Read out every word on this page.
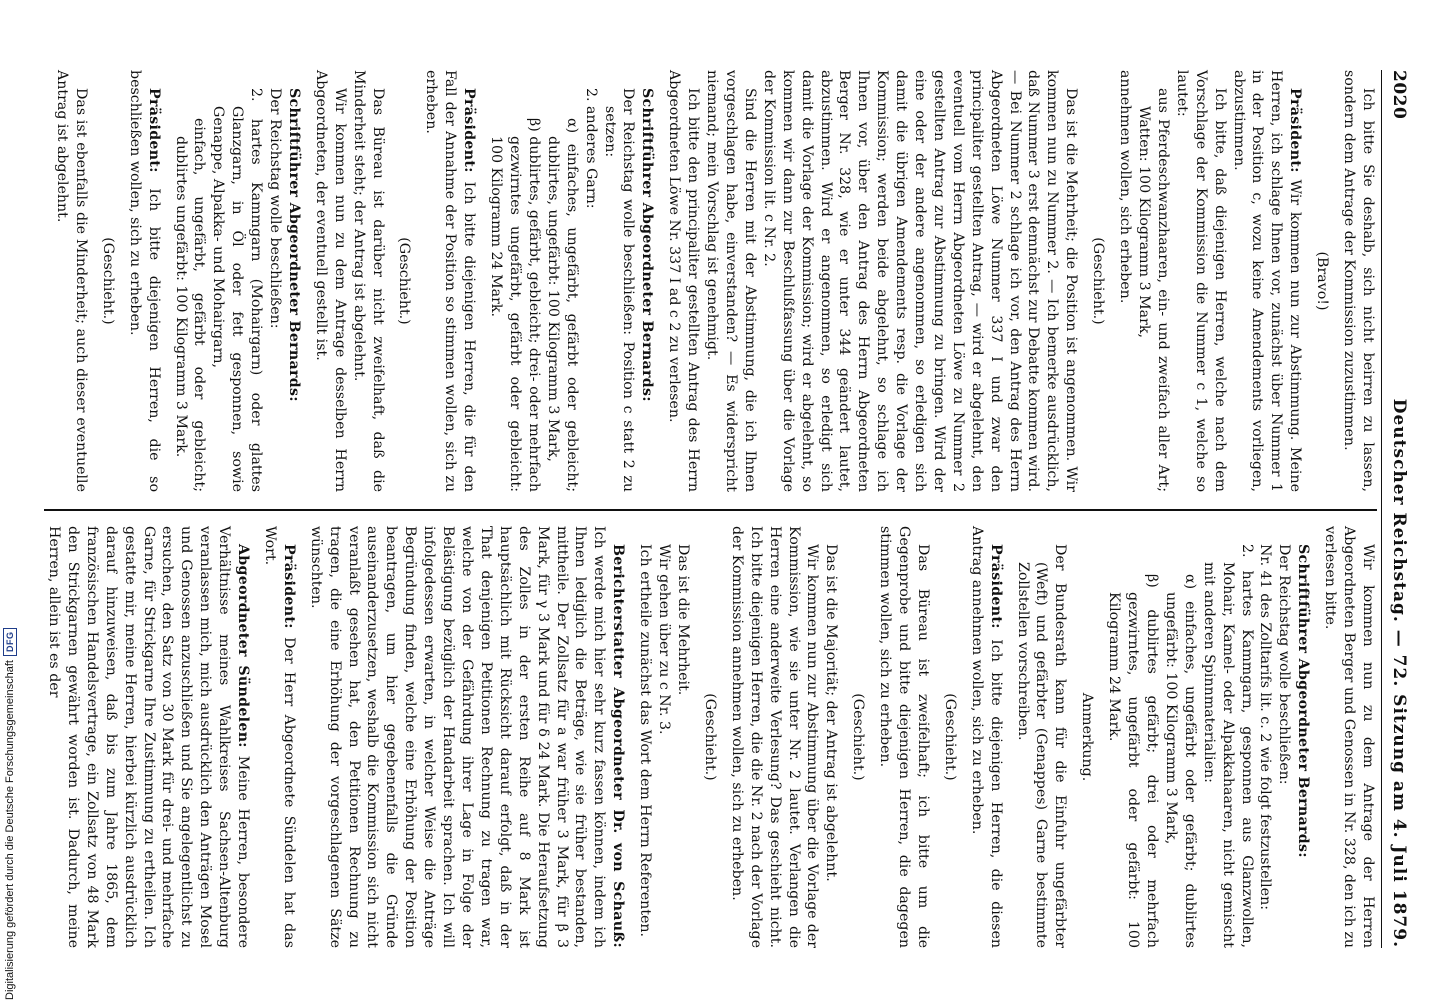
2020
Deutscher Reichstag. — 72. Sitzung am 4. Juli 1879.

Ich bitte Sie deshalb, sich nicht beirren zu lassen, sondern dem Antrage der Kommission zuzustimmen.

(Bravo!)

Präsident: Wir kommen nun zur Abstimmung. Meine Herren, ich schlage Ihnen vor, zunächst über Nummer 1 in der Position c, wozu keine Amendements vorliegen, abzustimmen.

Ich bitte, daß diejenigen Herren, welche nach dem Vorschlage der Kommission die Nummer c 1, welche so lautet:

aus Pferdeschwanzhaaren, ein- und zweifach aller Art; Watten: 100 Kilogramm 3 Mark,

annehmen wollen, sich erheben.

(Geschieht.)

Das ist die Mehrheit; die Position ist angenommen. Wir kommen nun zu Nummer 2. — Ich bemerke ausdrücklich, daß Nummer 3 erst demnächst zur Debatte kommen wird. — Bei Nummer 2 schlage ich vor, den Antrag des Herrn Abgeordneten Löwe Nummer 337 I und zwar den principaliter gestellten Antrag, — wird er abgelehnt, den eventuell vom Herrn Abgeordneten Löwe zu Nummer 2 gestellten Antrag zur Abstimmung zu bringen. Wird der eine oder der andere angenommen, so erledigen sich damit die übrigen Amendements resp. die Vorlage der Kommission; werden beide abgelehnt, so schlage ich Ihnen vor, über den Antrag des Herrn Abgeordneten Berger Nr. 328, wie er unter 344 geändert lautet, abzustimmen. Wird er angenommen, so erledigt sich damit die Vorlage der Kommission; wird er abgelehnt, so kommen wir dann zur Beschlußfassung über die Vorlage der Kommission lit. c Nr. 2.

Sind die Herren mit der Abstimmung, die ich Ihnen vorgeschlagen habe, einverstanden? — Es widerspricht niemand; mein Vorschlag ist genehmigt.

Ich bitte den principaliter gestellten Antrag des Herrn Abgeordneten Löwe Nr. 337 I ad c 2 zu verlesen.

Schriftführer Abgeordneter Bernards:

Der Reichstag wolle beschließen: Position c statt 2 zu setzen:

2. anderes Garn:

α) einfaches, ungefärbt, gefärbt oder gebleicht; dublirtes, ungefärbt: 100 Kilogramm 3 Mark,

β) dublirtes, gefärbt, gebleicht; drei- oder mehrfach gezwirntes ungefärbt, gefärbt oder gebleicht: 100 Kilogramm 24 Mark.

Präsident: Ich bitte diejenigen Herren, die für den Fall der Annahme der Position so stimmen wollen, sich zu erheben.

(Geschieht.)

Das Büreau ist darüber nicht zweifelhaft, daß die Minderheit steht; der Antrag ist abgelehnt.

Wir kommen nun zu dem Antrage desselben Herrn Abgeordneten, der eventuell gestellt ist.

Schriftführer Abgeordneter Bernards:

Der Reichstag wolle beschließen:

2. hartes Kammgarn (Mohairgarn) oder glattes Glanzgarn, in Öl oder fett gesponnen, sowie Genappe, Alpakka- und Mohairgarn,

einfach, ungefärbt, gefärbt oder gebleicht; dublirtes ungefärbt: 100 Kilogramm 3 Mark.

Präsident: Ich bitte diejenigen Herren, die so beschließen wollen, sich zu erheben.

(Geschieht.)

Das ist ebenfalls die Minderheit; auch dieser eventuelle Antrag ist abgelehnt.

Wir kommen nun zu dem Antrage der Herren Abgeordneten Berger und Genossen in Nr. 328, den ich zu verlesen bitte.

Schriftführer Abgeordneter Bernards:

Der Reichstag wolle beschließen:

Nr. 41 des Zolltarifs lit. c. 2 wie folgt festzustellen:

2. hartes Kammgarn, gesponnen aus Glanzwollen, Mohair, Kamel- oder Alpakkahaaren, nicht gemischt mit anderen Spinnmaterialien:

α) einfaches, ungefärbt oder gefärbt; dublirtes ungefärbt: 100 Kilogramm 3 Mark,

β) dublirtes gefärbt; drei oder mehrfach gezwirntes, ungefärbt oder gefärbt: 100 Kilogramm 24 Mark.

Anmerkung.

Der Bundesrath kann für die Einfuhr ungefärbter (Weft) und gefärbter (Genappes) Garne bestimmte Zollstellen vorschreiben.

Präsident: Ich bitte diejenigen Herren, die diesen Antrag annehmen wollen, sich zu erheben.

(Geschieht.)

Das Büreau ist zweifelhaft; ich bitte um die Gegenprobe und bitte diejenigen Herren, die dagegen stimmen wollen, sich zu erheben.

(Geschieht.)

Das ist die Majorität; der Antrag ist abgelehnt.

Wir kommen nun zur Abstimmung über die Vorlage der Kommission, wie sie unter Nr. 2 lautet. Verlangen die Herren eine anderweite Verlesung? Das geschieht nicht. Ich bitte diejenigen Herren, die die Nr. 2 nach der Vorlage der Kommission annehmen wollen, sich zu erheben.

(Geschieht.)

Das ist die Mehrheit.

Wir gehen über zu c Nr. 3.

Ich ertheile zunächst das Wort dem Herrn Referenten.

Berichterstatter Abgeordneter Dr. von Schauß: Ich werde mich hier sehr kurz fassen können, indem ich Ihnen lediglich die Beträge, wie sie früher bestanden, mittheile. Der Zollsatz für a war früher 3 Mark, für β 3 Mark, für γ 3 Mark und für δ 24 Mark. Die Heraufsetzung des Zolles in der ersten Reihe auf 8 Mark ist hauptsächlich mit Rücksicht darauf erfolgt, daß in der That denjenigen Petitionen Rechnung zu tragen war, welche von der Gefährdung ihrer Lage in Folge der Belästigung bezüglich der Handarbeit sprachen. Ich will infolgedessen erwarten, in welcher Weise die Anträge Begründung finden, welche eine Erhöhung der Position beantragen, um hier gegebenenfalls die Gründe auseinanderzusetzen, weshalb die Kommission sich nicht veranlaßt gesehen hat, den Petitionen Rechnung zu tragen, die eine Erhöhung der vorgeschlagenen Sätze wünschten.

Präsident: Der Herr Abgeordnete Sündelen hat das Wort.

Abgeordneter Sündelen: Meine Herren, besondere Verhältnisse meines Wahlkreises Sachsen-Altenburg veranlassen mich, mich ausdrücklich den Anträgen Mosel und Genossen anzuschließen und Sie angelegentlichst zu ersuchen, den Satz von 30 Mark für drei- und mehrfache Garne, für Strickgarne Ihre Zustimmung zu ertheilen. Ich gestatte mir, meine Herren, hierbei kürzlich ausdrücklich darauf hinzuweisen, daß bis zum Jahre 1865, dem französischen Handelsvertrage, ein Zollsatz von 48 Mark den Strickgarnen gewährt worden ist. Dadurch, meine Herren, allein ist es der

Digitalisierung gefördert durch die Deutsche Forschungsgemeinschaft
DFG
